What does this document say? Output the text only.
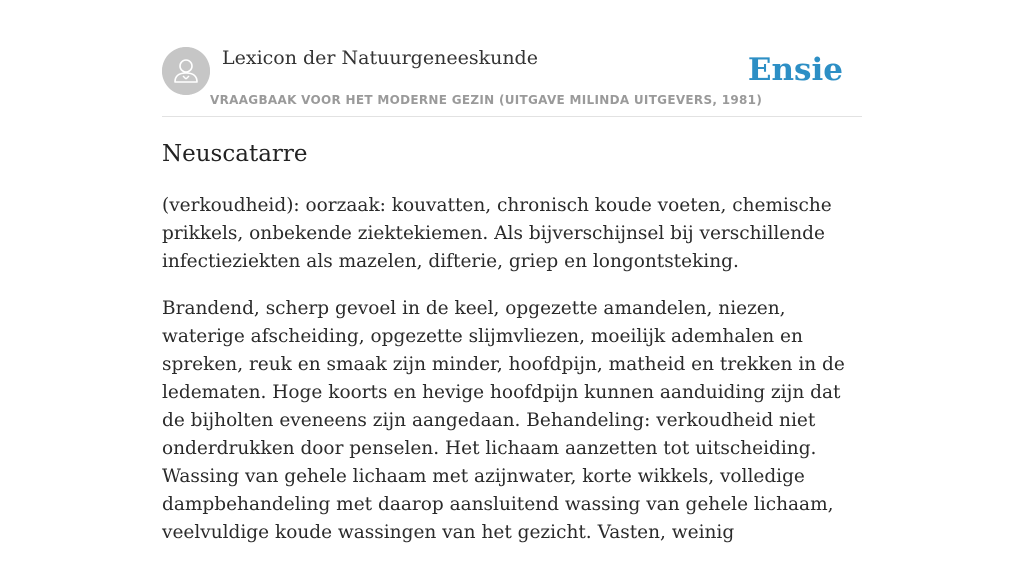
Lexicon der Natuurgeneeskunde
VRAAGBAAK VOOR HET MODERNE GEZIN (UITGAVE MILINDA UITGEVERS, 1981)
Ensie
Neuscatarre

(verkoudheid): oorzaak: kouvatten, chronisch koude voeten, chemische prikkels, onbekende ziektekiemen. Als bijverschijnsel bij verschillende infectieziekten als mazelen, difterie, griep en longontsteking.

Brandend, scherp gevoel in de keel, opgezette amandelen, niezen, waterige afscheiding, opgezette slijmvliezen, moeilijk ademhalen en spreken, reuk en smaak zijn minder, hoofdpijn, matheid en trekken in de ledematen. Hoge koorts en hevige hoofdpijn kunnen aanduiding zijn dat de bijholten eveneens zijn aangedaan. Behandeling: verkoudheid niet onderdrukken door penselen. Het lichaam aanzetten tot uitscheiding. Wassing van gehele lichaam met azijnwater, korte wikkels, volledige dampbehandeling met daarop aansluitend wassing van gehele lichaam, veelvuldige koude wassingen van het gezicht. Vasten, weinig
